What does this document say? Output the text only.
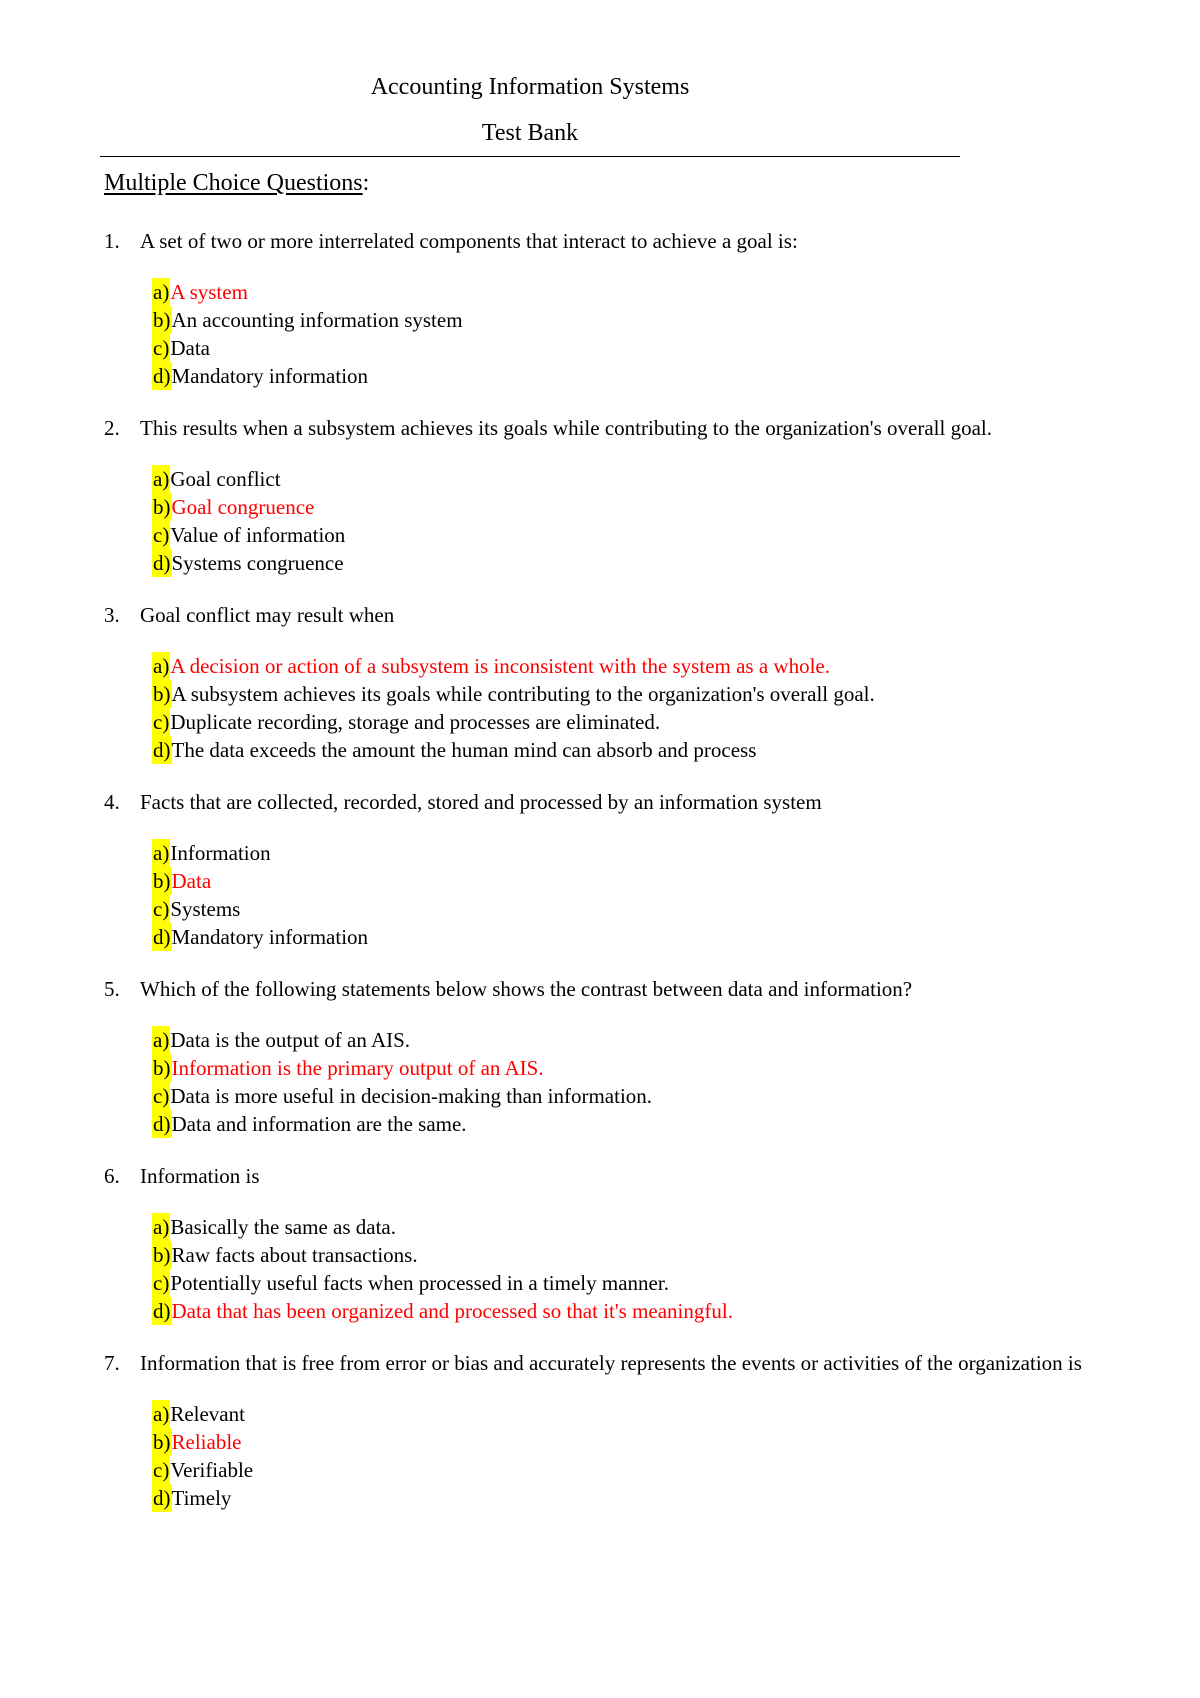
Accounting Information Systems
Test Bank
Multiple Choice Questions:
1. A set of two or more interrelated components that interact to achieve a goal is:
a) A system
b) An accounting information system
c) Data
d) Mandatory information
2. This results when a subsystem achieves its goals while contributing to the organization's overall goal.
a) Goal conflict
b) Goal congruence
c) Value of information
d) Systems congruence
3. Goal conflict may result when
a) A decision or action of a subsystem is inconsistent with the system as a whole.
b) A subsystem achieves its goals while contributing to the organization's overall goal.
c) Duplicate recording, storage and processes are eliminated.
d) The data exceeds the amount the human mind can absorb and process
4. Facts that are collected, recorded, stored and processed by an information system
a) Information
b) Data
c) Systems
d) Mandatory information
5. Which of the following statements below shows the contrast between data and information?
a) Data is the output of an AIS.
b) Information is the primary output of an AIS.
c) Data is more useful in decision-making than information.
d) Data and information are the same.
6. Information is
a) Basically the same as data.
b) Raw facts about transactions.
c) Potentially useful facts when processed in a timely manner.
d) Data that has been organized and processed so that it's meaningful.
7. Information that is free from error or bias and accurately represents the events or activities of the organization is
a) Relevant
b) Reliable
c) Verifiable
d) Timely
